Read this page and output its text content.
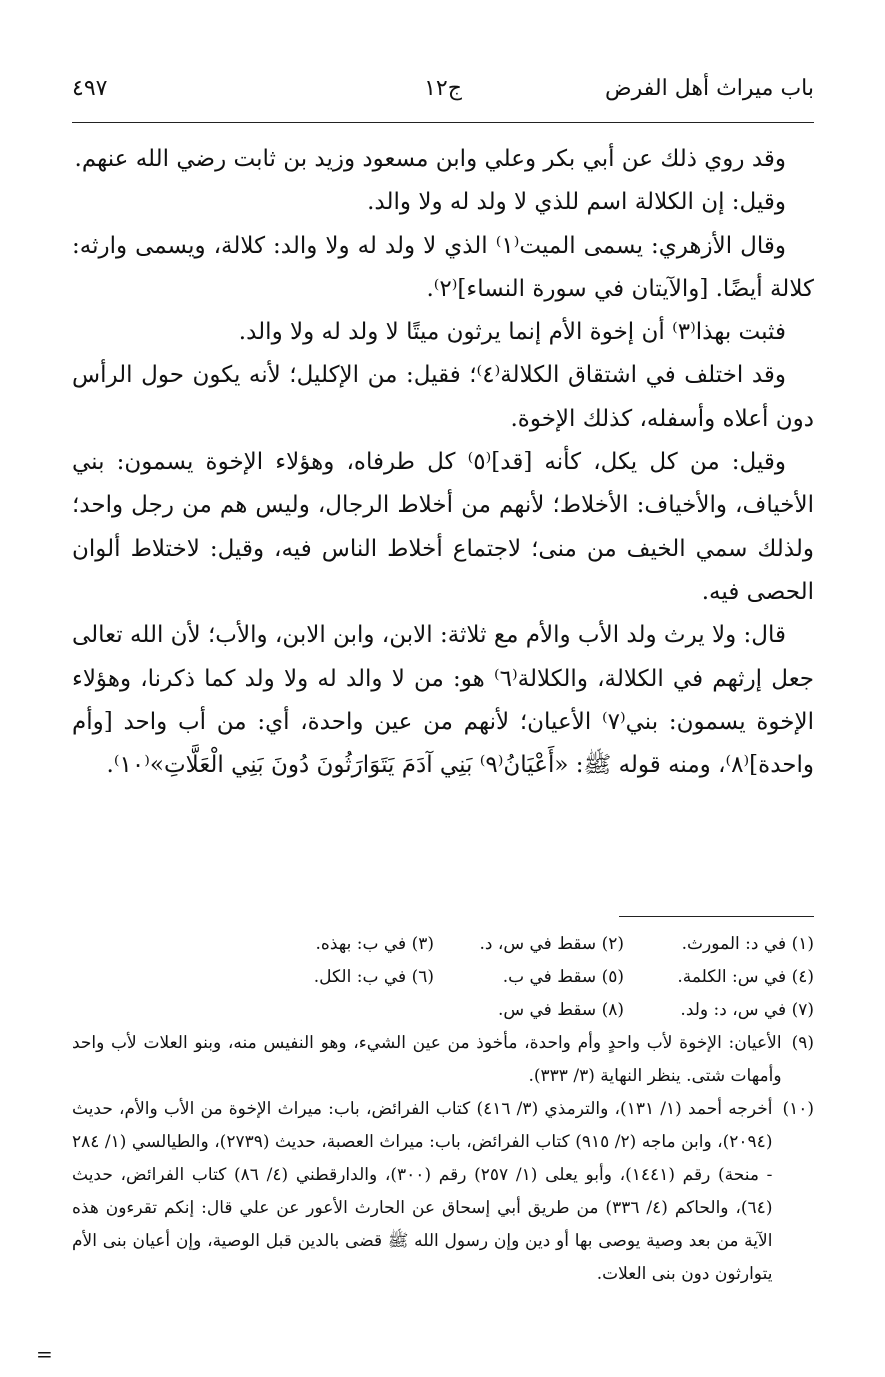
باب ميراث أهل الفرض
ج١٢
٤٩٧

وقد روي ذلك عن أبي بكر وعلي وابن مسعود وزيد بن ثابت رضي الله عنهم.

وقيل: إن الكلالة اسم للذي لا ولد له ولا والد.

وقال الأزهري: يسمى الميت⁽١⁾ الذي لا ولد له ولا والد: كلالة، ويسمى وارثه: كلالة أيضًا. [والآيتان في سورة النساء]⁽٢⁾.

فثبت بهذا⁽٣⁾ أن إخوة الأم إنما يرثون ميتًا لا ولد له ولا والد.

وقد اختلف في اشتقاق الكلالة⁽٤⁾؛ فقيل: من الإكليل؛ لأنه يكون حول الرأس دون أعلاه وأسفله، كذلك الإخوة.

وقيل: من كل يكل، كأنه [قد]⁽٥⁾ كل طرفاه، وهؤلاء الإخوة يسمون: بني الأخياف، والأخياف: الأخلاط؛ لأنهم من أخلاط الرجال، وليس هم من رجل واحد؛ ولذلك سمي الخيف من منى؛ لاجتماع أخلاط الناس فيه، وقيل: لاختلاط ألوان الحصى فيه.

قال: ولا يرث ولد الأب والأم مع ثلاثة: الابن، وابن الابن، والأب؛ لأن الله تعالى جعل إرثهم في الكلالة، والكلالة⁽٦⁾ هو: من لا والد له ولا ولد كما ذكرنا، وهؤلاء الإخوة يسمون: بني⁽٧⁾ الأعيان؛ لأنهم من عين واحدة، أي: من أب واحد [وأم واحدة]⁽٨⁾، ومنه قوله ﷺ: «أَعْيَانُ⁽٩⁾ بَنِي آدَمَ يَتَوَارَثُونَ دُونَ بَنِي الْعَلَّاتِ»⁽١٠⁾.

(١) في د: المورث.
(٢) سقط في س، د.
(٣) في ب: بهذه.
(٤) في س: الكلمة.
(٥) سقط في ب.
(٦) في ب: الكل.
(٧) في س، د: ولد.
(٨) سقط في س.
(٩)
الأعيان: الإخوة لأب واحدٍ وأم واحدة، مأخوذ من عين الشيء، وهو النفيس منه، وبنو العلات لأب واحد وأمهات شتى. ينظر النهاية (٣/ ٣٣٣).
(١٠)
أخرجه أحمد (١/ ١٣١)، والترمذي (٣/ ٤١٦) كتاب الفرائض، باب: ميراث الإخوة من الأب والأم، حديث (٢٠٩٤)، وابن ماجه (٢/ ٩١٥) كتاب الفرائض، باب: ميراث العصبة، حديث (٢٧٣٩)، والطيالسي (١/ ٢٨٤ - منحة) رقم (١٤٤١)، وأبو يعلى (١/ ٢٥٧) رقم (٣٠٠)، والدارقطني (٤/ ٨٦) كتاب الفرائض، حديث (٦٤)، والحاكم (٤/ ٣٣٦) من طريق أبي إسحاق عن الحارث الأعور عن علي قال: إنكم تقرءون هذه الآية من بعد وصية يوصى بها أو دين وإن رسول الله ﷺ قضى بالدين قبل الوصية، وإن أعيان بنى الأم يتوارثون دون بنى العلات.
=
